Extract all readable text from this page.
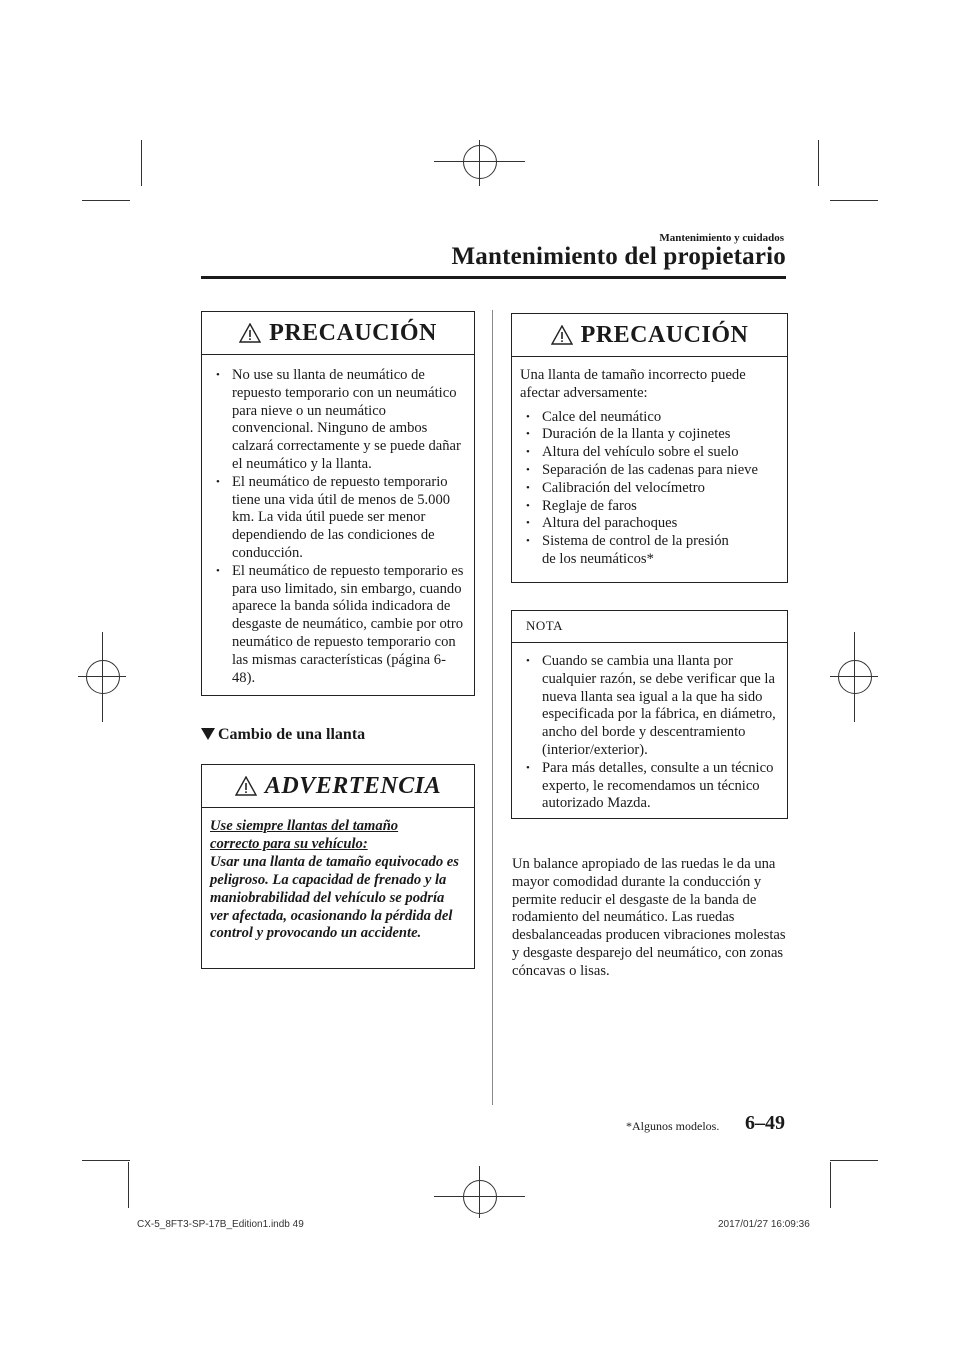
Mantenimiento y cuidados
Mantenimiento del propietario
PRECAUCIÓN
• No use su llanta de neumático de repuesto temporario con un neumático para nieve o un neumático convencional. Ninguno de ambos calzará correctamente y se puede dañar el neumático y la llanta.
• El neumático de repuesto temporario tiene una vida útil de menos de 5.000 km. La vida útil puede ser menor dependiendo de las condiciones de conducción.
• El neumático de repuesto temporario es para uso limitado, sin embargo, cuando aparece la banda sólida indicadora de desgaste de neumático, cambie por otro neumático de repuesto temporario con las mismas características (página 6-48).
Cambio de una llanta
ADVERTENCIA
Use siempre llantas del tamaño correcto para su vehículo:
Usar una llanta de tamaño equivocado es peligroso. La capacidad de frenado y la maniobrabilidad del vehículo se podría ver afectada, ocasionando la pérdida del control y provocando un accidente.
PRECAUCIÓN
Una llanta de tamaño incorrecto puede afectar adversamente:
• Calce del neumático
• Duración de la llanta y cojinetes
• Altura del vehículo sobre el suelo
• Separación de las cadenas para nieve
• Calibración del velocímetro
• Reglaje de faros
• Altura del parachoques
• Sistema de control de la presión de los neumáticos*
NOTA
• Cuando se cambia una llanta por cualquier razón, se debe verificar que la nueva llanta sea igual a la que ha sido especificada por la fábrica, en diámetro, ancho del borde y descentramiento (interior/exterior).
• Para más detalles, consulte a un técnico experto, le recomendamos un técnico autorizado Mazda.
Un balance apropiado de las ruedas le da una mayor comodidad durante la conducción y permite reducir el desgaste de la banda de rodamiento del neumático. Las ruedas desbalanceadas producen vibraciones molestas y desgaste desparejo del neumático, con zonas cóncavas o lisas.
*Algunos modelos. 6–49
CX-5_8FT3-SP-17B_Edition1.indb 49	2017/01/27 16:09:36
